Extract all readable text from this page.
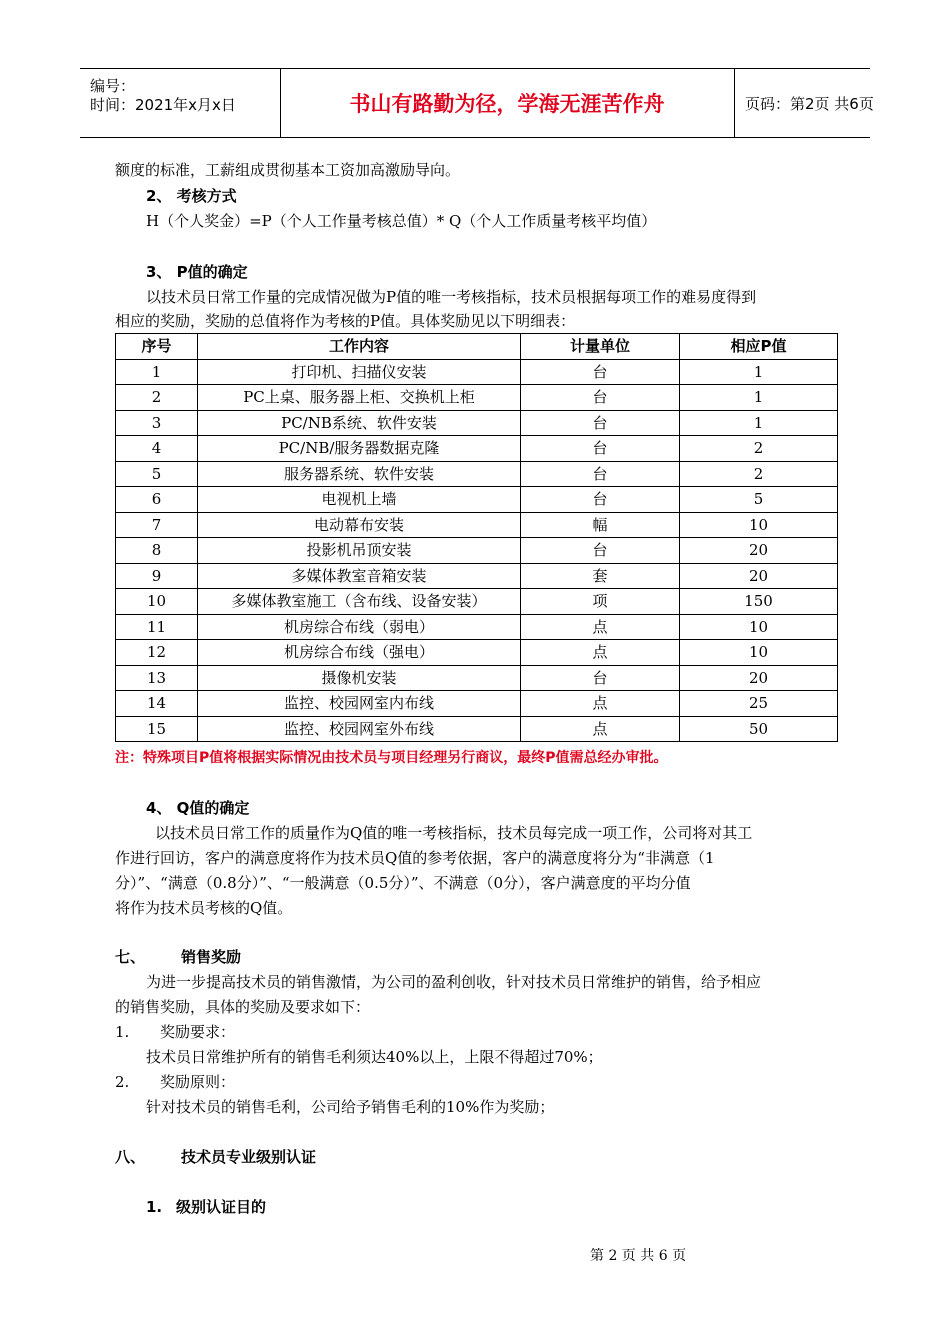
编号：
时间：2021年x月x日	书山有路勤为径，学海无涯苦作舟	页码：第2页 共6页
额度的标准，工薪组成贯彻基本工资加高激励导向。
2、 考核方式
H（个人奖金）=P（个人工作量考核总值）* Q（个人工作质量考核平均值）
3、 P值的确定
以技术员日常工作量的完成情况做为P值的唯一考核指标，技术员根据每项工作的难易度得到
相应的奖励，奖励的总值将作为考核的P值。具体奖励见以下明细表：
序号	工作内容	计量单位	相应P值
1	打印机、扫描仪安装	台	1
2	PC上桌、服务器上柜、交换机上柜	台	1
3	PC/NB系统、软件安装	台	1
4	PC/NB/服务器数据克隆	台	2
5	服务器系统、软件安装	台	2
6	电视机上墙	台	5
7	电动幕布安装	幅	10
8	投影机吊顶安装	台	20
9	多媒体教室音箱安装	套	20
10	多媒体教室施工（含布线、设备安装）	项	150
11	机房综合布线（弱电）	点	10
12	机房综合布线（强电）	点	10
13	摄像机安装	台	20
14	监控、校园网室内布线	点	25
15	监控、校园网室外布线	点	50
注：特殊项目P值将根据实际情况由技术员与项目经理另行商议，最终P值需总经办审批。
4、 Q值的确定
以技术员日常工作的质量作为Q值的唯一考核指标，技术员每完成一项工作，公司将对其工
作进行回访，客户的满意度将作为技术员Q值的参考依据，客户的满意度将分为“非满意（1
分）”、“满意（0.8分）”、“一般满意（0.5分）”、不满意（0分），客户满意度的平均分值
将作为技术员考核的Q值。
七、 销售奖励
为进一步提高技术员的销售激情，为公司的盈利创收，针对技术员日常维护的销售，给予相应
的销售奖励，具体的奖励及要求如下：
1. 奖励要求：
技术员日常维护所有的销售毛利须达40%以上，上限不得超过70%；
2. 奖励原则：
针对技术员的销售毛利，公司给予销售毛利的10%作为奖励；
八、 技术员专业级别认证
1. 级别认证目的
第 2 页 共 6 页
